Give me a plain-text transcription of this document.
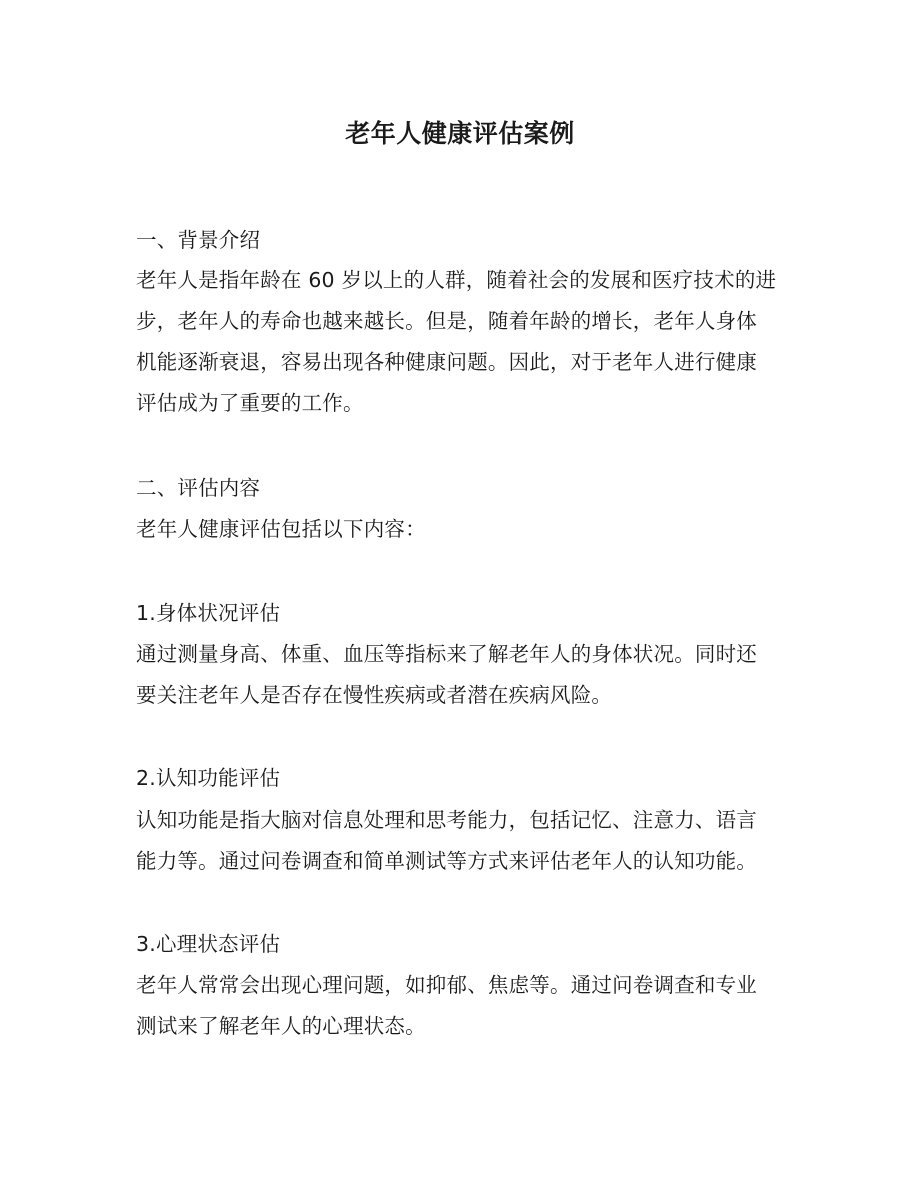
老年人健康评估案例

一、背景介绍

老年人是指年龄在 60 岁以上的人群，随着社会的发展和医疗技术的进

步，老年人的寿命也越来越长。但是，随着年龄的增长，老年人身体

机能逐渐衰退，容易出现各种健康问题。因此，对于老年人进行健康

评估成为了重要的工作。

二、评估内容

老年人健康评估包括以下内容：

1.身体状况评估

通过测量身高、体重、血压等指标来了解老年人的身体状况。同时还

要关注老年人是否存在慢性疾病或者潜在疾病风险。

2.认知功能评估

认知功能是指大脑对信息处理和思考能力，包括记忆、注意力、语言

能力等。通过问卷调查和简单测试等方式来评估老年人的认知功能。

3.心理状态评估

老年人常常会出现心理问题，如抑郁、焦虑等。通过问卷调查和专业

测试来了解老年人的心理状态。
